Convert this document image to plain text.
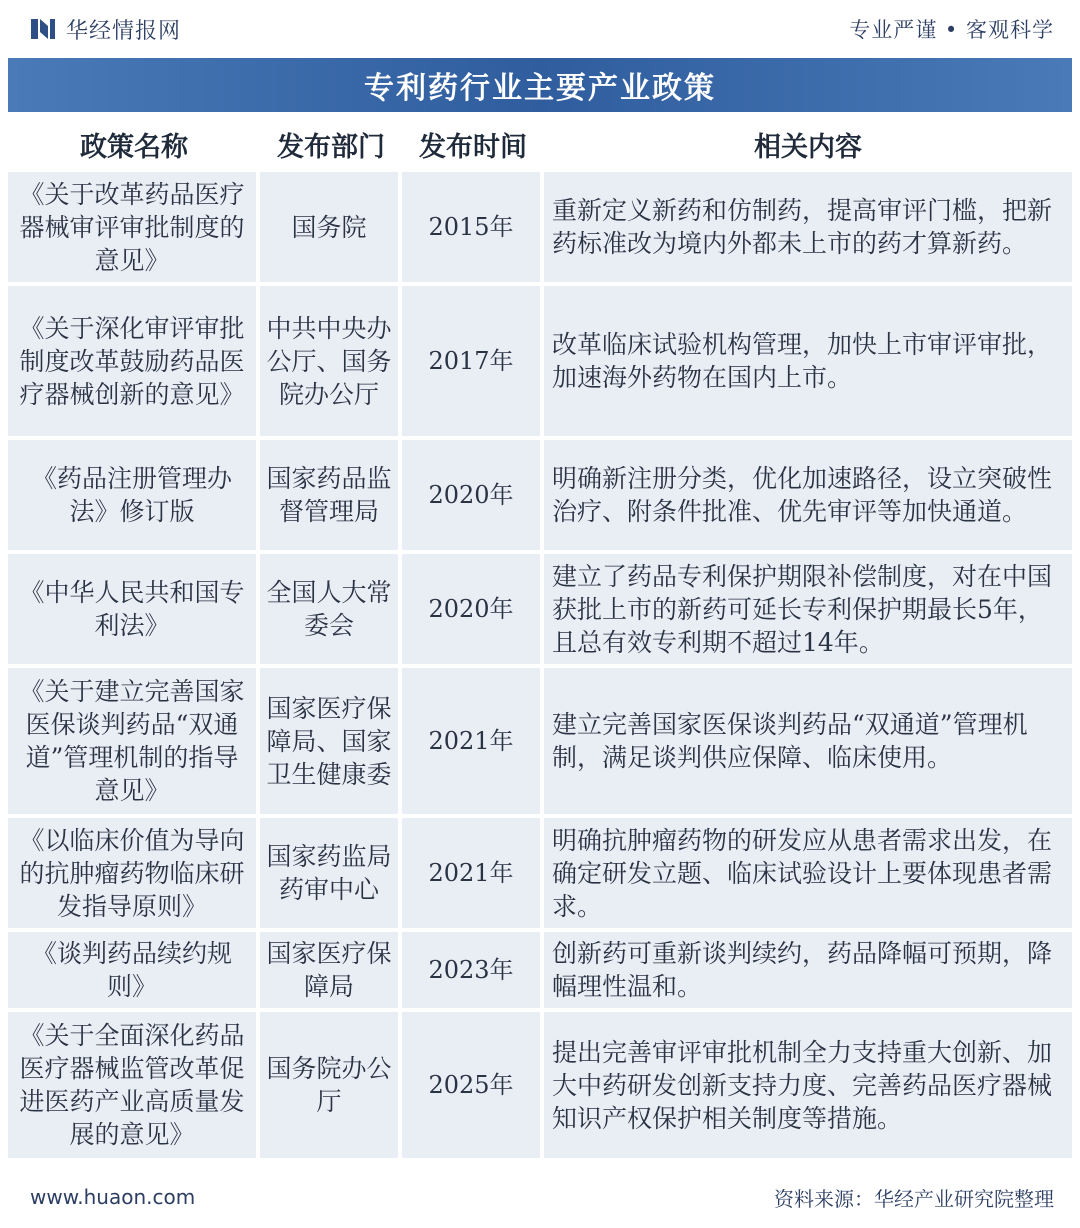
华经情报网	专业严谨 • 客观科学
专利药行业主要产业政策
政策名称	发布部门	发布时间	相关内容
《关于改革药品医疗器械审评审批制度的意见》	国务院	2015年	重新定义新药和仿制药，提高审评门槛，把新药标准改为境内外都未上市的药才算新药。
《关于深化审评审批制度改革鼓励药品医疗器械创新的意见》	中共中央办公厅、国务院办公厅	2017年	改革临床试验机构管理，加快上市审评审批，加速海外药物在国内上市。
《药品注册管理办法》修订版	国家药品监督管理局	2020年	明确新注册分类，优化加速路径，设立突破性治疗、附条件批准、优先审评等加快通道。
《中华人民共和国专利法》	全国人大常委会	2020年	建立了药品专利保护期限补偿制度，对在中国获批上市的新药可延长专利保护期最长5年，且总有效专利期不超过14年。
《关于建立完善国家医保谈判药品“双通道”管理机制的指导意见》	国家医疗保障局、国家卫生健康委	2021年	建立完善国家医保谈判药品“双通道”管理机制，满足谈判供应保障、临床使用。
《以临床价值为导向的抗肿瘤药物临床研发指导原则》	国家药监局药审中心	2021年	明确抗肿瘤药物的研发应从患者需求出发，在确定研发立题、临床试验设计上要体现患者需求。
《谈判药品续约规则》	国家医疗保障局	2023年	创新药可重新谈判续约，药品降幅可预期，降幅理性温和。
《关于全面深化药品医疗器械监管改革促进医药产业高质量发展的意见》	国务院办公厅	2025年	提出完善审评审批机制全力支持重大创新、加大中药研发创新支持力度、完善药品医疗器械知识产权保护相关制度等措施。
www.huaon.com	资料来源：华经产业研究院整理
